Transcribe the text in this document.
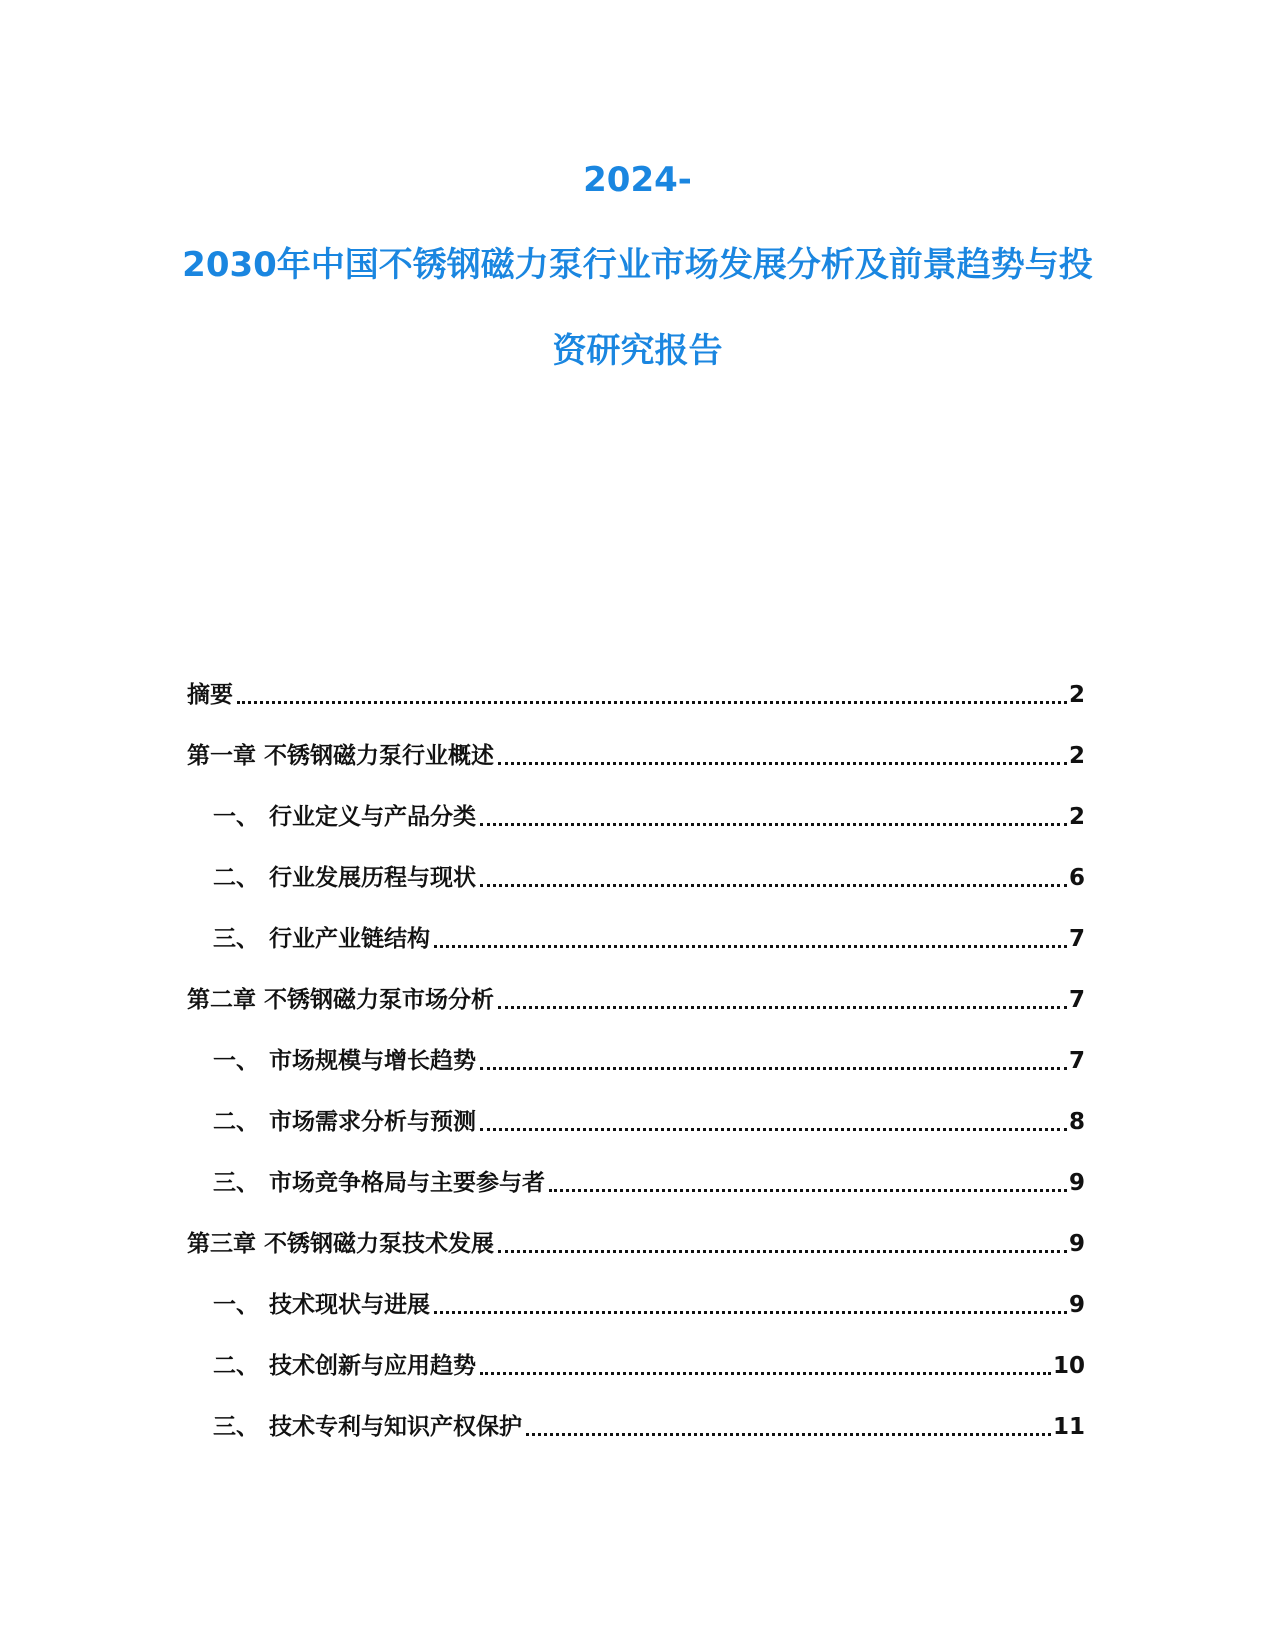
2024-
2030年中国不锈钢磁力泵行业市场发展分析及前景趋势与投
资研究报告
摘要	2
第一章 不锈钢磁力泵行业概述	2
一、 行业定义与产品分类	2
二、 行业发展历程与现状	6
三、 行业产业链结构	7
第二章 不锈钢磁力泵市场分析	7
一、 市场规模与增长趋势	7
二、 市场需求分析与预测	8
三、 市场竞争格局与主要参与者	9
第三章 不锈钢磁力泵技术发展	9
一、 技术现状与进展	9
二、 技术创新与应用趋势	10
三、 技术专利与知识产权保护	11
